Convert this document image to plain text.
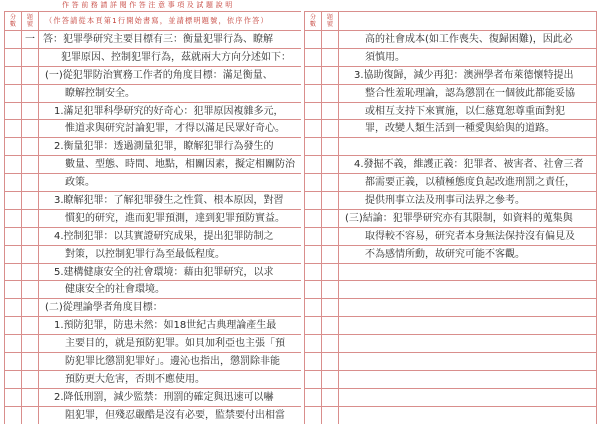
作答前務請詳閱作答注意事項及試題說明
分數
題號	（作答請從本頁第1行開始書寫，並請標明題號，依序作答）
一 答：犯罪學研究主要目標有三：衡量犯罪行為、瞭解
犯罪原因、控制犯罪行為，茲就兩大方向分述如下：
(一)從犯罪防治實務工作者的角度目標：滿足衡量、
瞭解控制安全。
1.滿足犯罪科學研究的好奇心：犯罪原因複雜多元，
惟道求與研究討論犯罪，才得以滿足民眾好奇心。
2.衡量犯罪：透過測量犯罪，瞭解犯罪行為發生的
數量、型態、時間、地點，相關因素，擬定相關防治
政策。
3.瞭解犯罪：了解犯罪發生之性質、根本原因，對習
慣犯的研究，進而犯罪預測，達到犯罪預防實益。
4.控制犯罪：以其實證研究成果，提出犯罪防制之
對策，以控制犯罪行為至最低程度。
5.建構健康安全的社會環境：藉由犯罪研究，以求
健康安全的社會環境。
(二)從理論學者角度目標：
1.預防犯罪，防患未然：如18世紀古典理論產生最
主要目的，就是預防犯罪。如貝加利亞也主張「預
防犯罪比懲罰犯罪好」。邊沁也指出，懲罰除非能
預防更大危害，否則不應使用。
2.降低刑罰，減少監禁：刑罰的確定與迅速可以嚇
阻犯罪，但殘忍嚴酷是沒有必要，監禁要付出相當
分數
題號
高的社會成本(如工作喪失、復歸困難)，因此必
須慎用。
3.協助復歸，減少再犯：澳洲學者布萊德懷特提出
整合性羞恥理論，認為懲罰在一個彼此都能妥協
或相互支持下來實施，以仁慈寬恕尊重面對犯
罪，改變人類生活到一種愛與給與的道路。
4.發掘不義，維護正義：犯罪者、被害者、社會三者
都需要正義，以積極態度負起改進刑罰之責任，
提供刑事立法及刑事司法界之參考。
(三)結論：犯罪學研究亦有其限制，如資料的蒐集與
取得較不容易，研究者本身無法保持沒有偏見及
不為感情所動，故研究可能不客觀。
